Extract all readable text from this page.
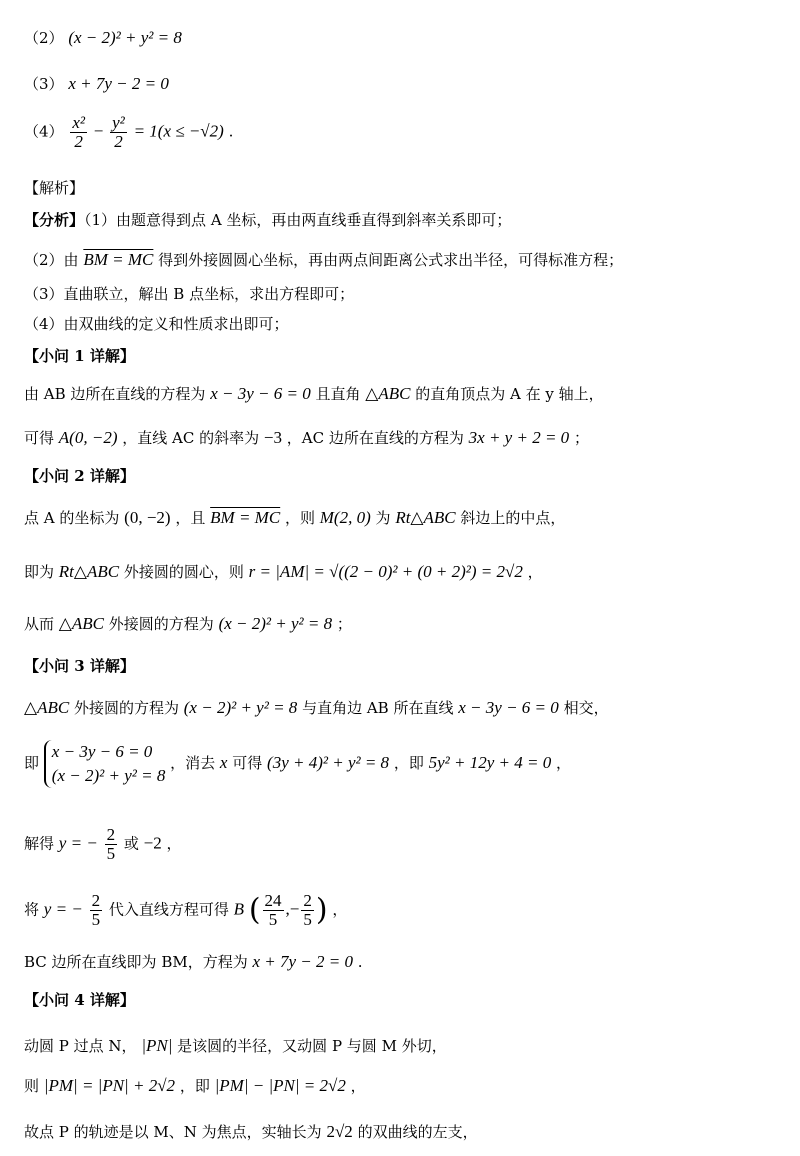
（2） (x − 2)² + y² = 8
（3） x + 7y − 2 = 0
$(4) \frac{\text{x²}}{2} - \frac{\text{y²}}{2} = 1(x \le -√2)$ .
【解析】
【分析】（1）由题意得到点 A 坐标，再由两直线垂直得到斜率关系即可；
（2）由 BM = MC 得到外接圆圆心坐标，再由两点间距离公式求出半径，可得标准方程；
（3）直曲联立，解出 B 点坐标，求出方程即可；
（4）由双曲线的定义和性质求出即可；
【小问 1 详解】
由 AB 边所在直线的方程为 x − 3y − 6 = 0 且直角 △ABC 的直角顶点为 A 在 y 轴上，
可得 A(0, −2) ，直线 AC 的斜率为 −3 ，AC 边所在直线的方程为 3x + y + 2 = 0 ；
【小问 2 详解】
点 A 的坐标为 (0, −2) ，且 BM = MC ，则 M(2, 0) 为 Rt△ABC 斜边上的中点，
即为 Rt△ABC 外接圆的圆心，则 r = |AM| = √((2 − 0)² + (0 + 2)²) = 2√2 ，
从而 △ABC 外接圆的方程为 (x − 2)² + y² = 8 ；
【小问 3 详解】
△ABC 外接圆的方程为 (x − 2)² + y² = 8 与直角边 AB 所在直线 x − 3y − 6 = 0 相交，
即
x − 3y − 6 = 0
(x − 2)² + y² = 8
，消去 x 可得 (3y + 4)² + y² = 8 ，即 5y² + 12y + 4 = 0 ，
解得 y = − $\frac{2}{5}$ 或 −2 ，
将 y = − $\frac{2}{5}$ 代入直线方程可得 B ( $\frac{24}{5}$ ,− $\frac{2}{5}$ ) ，
BC 边所在直线即为 BM，方程为 x + 7y − 2 = 0 .
【小问 4 详解】
动圆 P 过点 N， |PN| 是该圆的半径，又动圆 P 与圆 M 外切，
则 |PM| = |PN| + 2√2 ，即 |PM| − |PN| = 2√2 ，
故点 P 的轨迹是以 M、N 为焦点，实轴长为 2√2 的双曲线的左支，
